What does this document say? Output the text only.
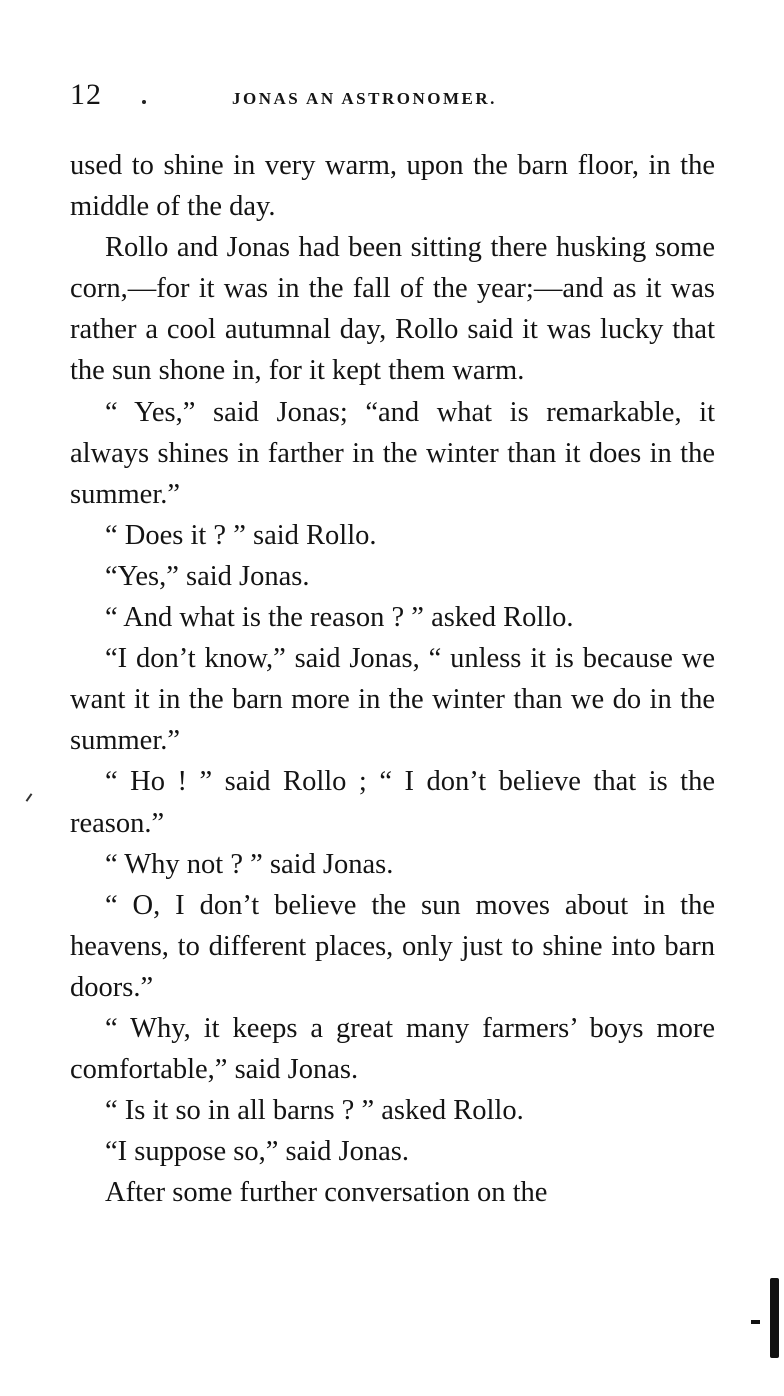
12	JONAS AN ASTRONOMER.

used to shine in very warm, upon the barn floor, in the middle of the day.

Rollo and Jonas had been sitting there husking some corn,—for it was in the fall of the year;—and as it was rather a cool autumnal day, Rollo said it was lucky that the sun shone in, for it kept them warm.

“ Yes,” said Jonas; “and what is remarkable, it always shines in farther in the winter than it does in the summer.”

“ Does it ? ” said Rollo.

“Yes,” said Jonas.

“ And what is the reason ? ” asked Rollo.

“I don’t know,” said Jonas, “ unless it is because we want it in the barn more in the winter than we do in the summer.”

“ Ho ! ” said Rollo ; “ I don’t believe that is the reason.”

“ Why not ? ” said Jonas.

“ O, I don’t believe the sun moves about in the heavens, to different places, only just to shine into barn doors.”

“ Why, it keeps a great many farmers’ boys more comfortable,” said Jonas.

“ Is it so in all barns ? ” asked Rollo.

“I suppose so,” said Jonas.

After some further conversation on the
